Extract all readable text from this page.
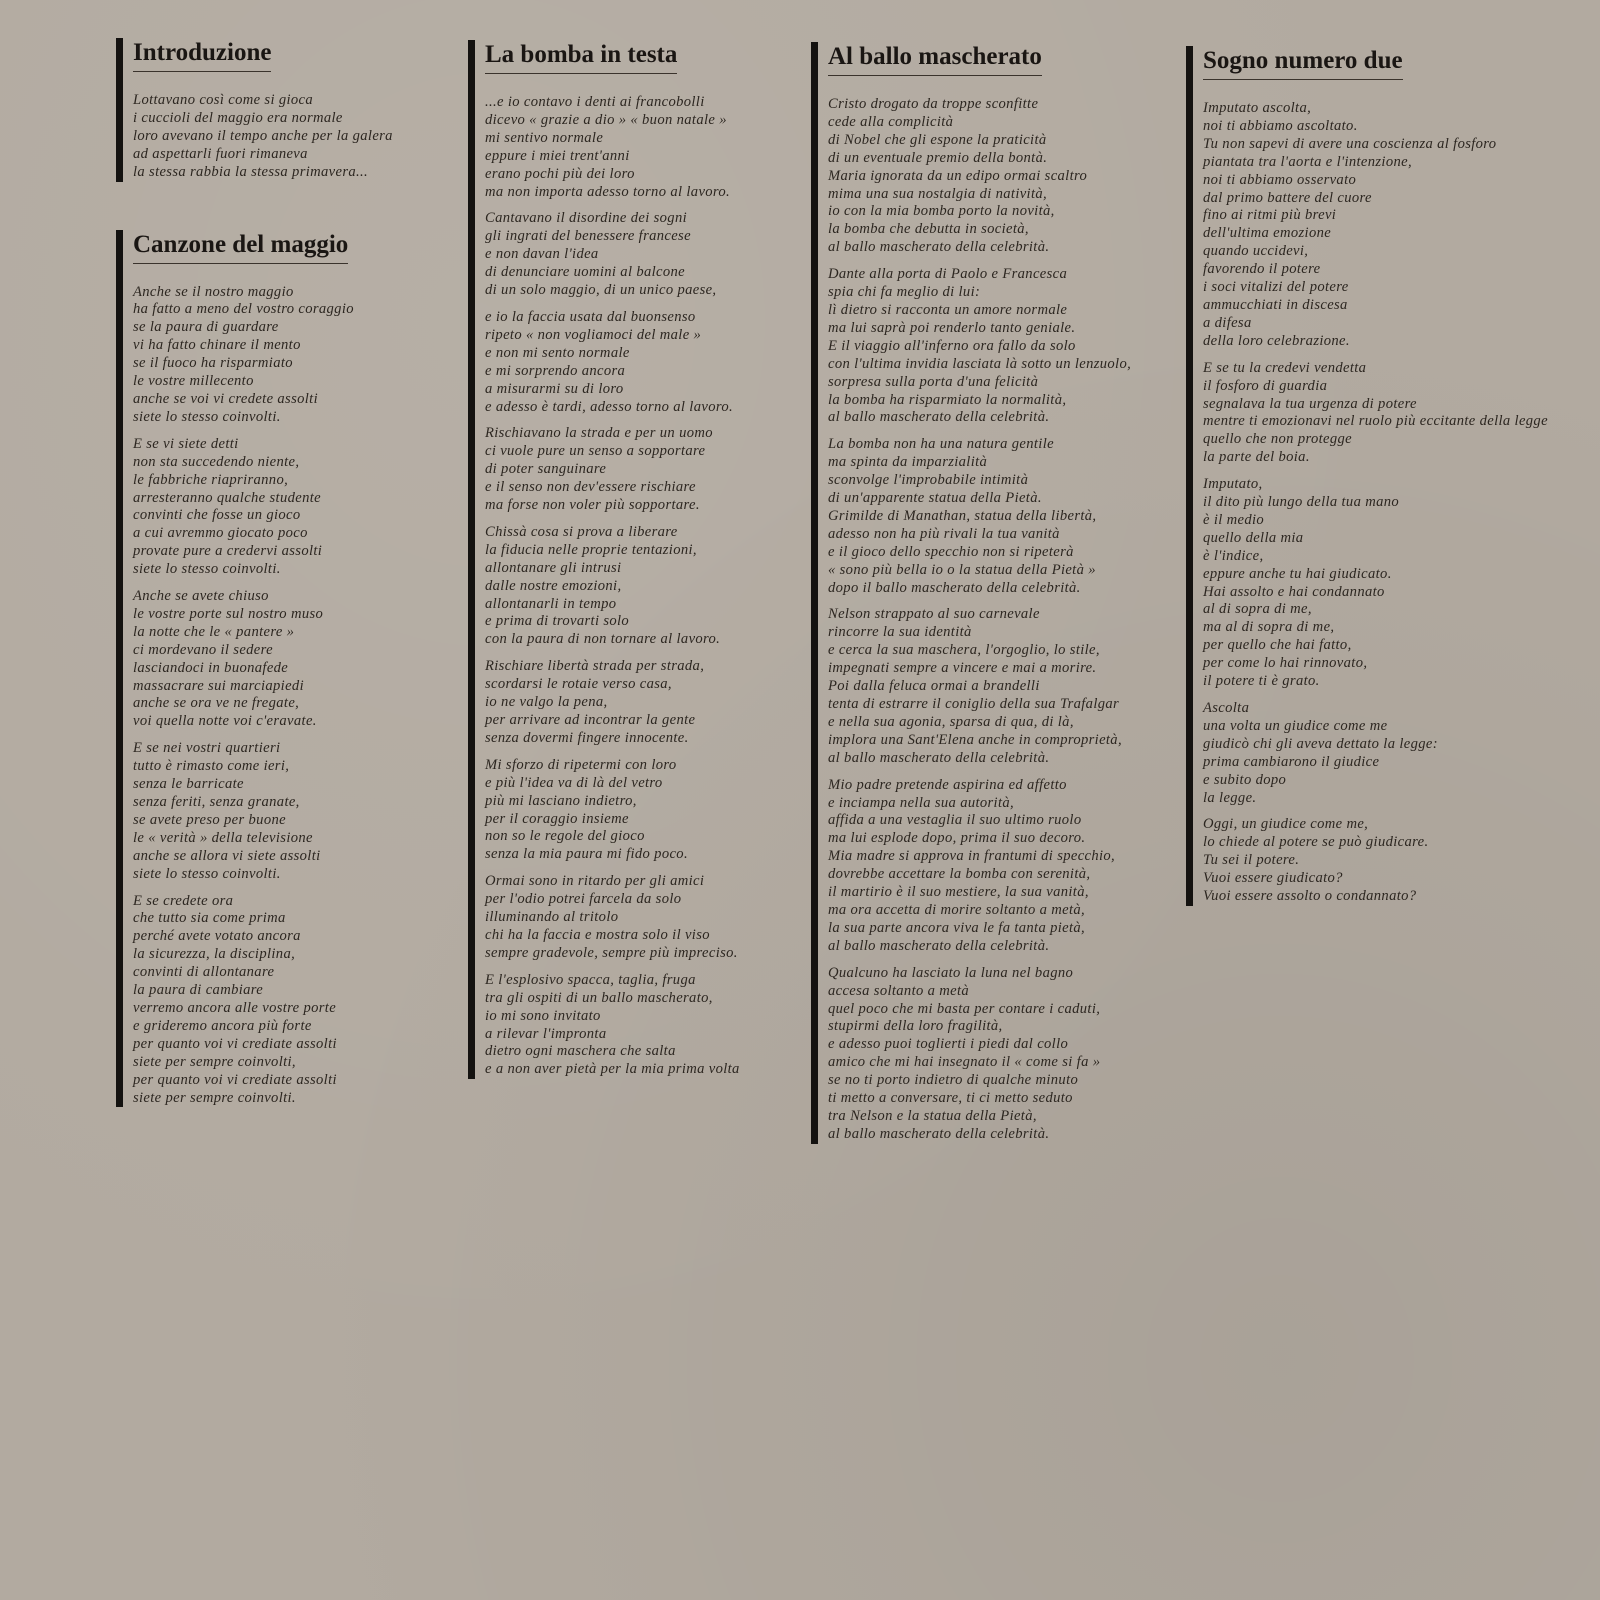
Introduzione
Lottavano così come si gioca
i cuccioli del maggio era normale
loro avevano il tempo anche per la galera
ad aspettarli fuori rimaneva
la stessa rabbia la stessa primavera...
Canzone del maggio
Anche se il nostro maggio
ha fatto a meno del vostro coraggio
se la paura di guardare
vi ha fatto chinare il mento
se il fuoco ha risparmiato
le vostre millecento
anche se voi vi credete assolti
siete lo stesso coinvolti.
E se vi siete detti
non sta succedendo niente,
le fabbriche riapriranno,
arresteranno qualche studente
convinti che fosse un gioco
a cui avremmo giocato poco
provate pure a credervi assolti
siete lo stesso coinvolti.
Anche se avete chiuso
le vostre porte sul nostro muso
la notte che le « pantere »
ci mordevano il sedere
lasciandoci in buonafede
massacrare sui marciapiedi
anche se ora ve ne fregate,
voi quella notte voi c'eravate.
E se nei vostri quartieri
tutto è rimasto come ieri,
senza le barricate
senza feriti, senza granate,
se avete preso per buone
le « verità » della televisione
anche se allora vi siete assolti
siete lo stesso coinvolti.
E se credete ora
che tutto sia come prima
perché avete votato ancora
la sicurezza, la disciplina,
convinti di allontanare
la paura di cambiare
verremo ancora alle vostre porte
e grideremo ancora più forte
per quanto voi vi crediate assolti
siete per sempre coinvolti,
per quanto voi vi crediate assolti
siete per sempre coinvolti.
La bomba in testa
...e io contavo i denti ai francobolli
dicevo « grazie a dio » « buon natale »
mi sentivo normale
eppure i miei trent'anni
erano pochi più dei loro
ma non importa adesso torno al lavoro.
Cantavano il disordine dei sogni
gli ingrati del benessere francese
e non davan l'idea
di denunciare uomini al balcone
di un solo maggio, di un unico paese,
e io la faccia usata dal buonsenso
ripeto « non vogliamoci del male »
e non mi sento normale
e mi sorprendo ancora
a misurarmi su di loro
e adesso è tardi, adesso torno al lavoro.
Rischiavano la strada e per un uomo
ci vuole pure un senso a sopportare
di poter sanguinare
e il senso non dev'essere rischiare
ma forse non voler più sopportare.
Chissà cosa si prova a liberare
la fiducia nelle proprie tentazioni,
allontanare gli intrusi
dalle nostre emozioni,
allontanarli in tempo
e prima di trovarti solo
con la paura di non tornare al lavoro.
Rischiare libertà strada per strada,
scordarsi le rotaie verso casa,
io ne valgo la pena,
per arrivare ad incontrar la gente
senza dovermi fingere innocente.
Mi sforzo di ripetermi con loro
e più l'idea va di là del vetro
più mi lasciano indietro,
per il coraggio insieme
non so le regole del gioco
senza la mia paura mi fido poco.
Ormai sono in ritardo per gli amici
per l'odio potrei farcela da solo
illuminando al tritolo
chi ha la faccia e mostra solo il viso
sempre gradevole, sempre più impreciso.
E l'esplosivo spacca, taglia, fruga
tra gli ospiti di un ballo mascherato,
io mi sono invitato
a rilevar l'impronta
dietro ogni maschera che salta
e a non aver pietà per la mia prima volta
Al ballo mascherato
Cristo drogato da troppe sconfitte
cede alla complicità
di Nobel che gli espone la praticità
di un eventuale premio della bontà.
Maria ignorata da un edipo ormai scaltro
mima una sua nostalgia di natività,
io con la mia bomba porto la novità,
la bomba che debutta in società,
al ballo mascherato della celebrità.
Dante alla porta di Paolo e Francesca
spia chi fa meglio di lui:
lì dietro si racconta un amore normale
ma lui saprà poi renderlo tanto geniale.
E il viaggio all'inferno ora fallo da solo
con l'ultima invidia lasciata là sotto un lenzuolo,
sorpresa sulla porta d'una felicità
la bomba ha risparmiato la normalità,
al ballo mascherato della celebrità.
La bomba non ha una natura gentile
ma spinta da imparzialità
sconvolge l'improbabile intimità
di un'apparente statua della Pietà.
Grimilde di Manathan, statua della libertà,
adesso non ha più rivali la tua vanità
e il gioco dello specchio non si ripeterà
« sono più bella io o la statua della Pietà »
dopo il ballo mascherato della celebrità.
Nelson strappato al suo carnevale
rincorre la sua identità
e cerca la sua maschera, l'orgoglio, lo stile,
impegnati sempre a vincere e mai a morire.
Poi dalla feluca ormai a brandelli
tenta di estrarre il coniglio della sua Trafalgar
e nella sua agonia, sparsa di qua, di là,
implora una Sant'Elena anche in comproprietà,
al ballo mascherato della celebrità.
Mio padre pretende aspirina ed affetto
e inciampa nella sua autorità,
affida a una vestaglia il suo ultimo ruolo
ma lui esplode dopo, prima il suo decoro.
Mia madre si approva in frantumi di specchio,
dovrebbe accettare la bomba con serenità,
il martirio è il suo mestiere, la sua vanità,
ma ora accetta di morire soltanto a metà,
la sua parte ancora viva le fa tanta pietà,
al ballo mascherato della celebrità.
Qualcuno ha lasciato la luna nel bagno
accesa soltanto a metà
quel poco che mi basta per contare i caduti,
stupirmi della loro fragilità,
e adesso puoi toglierti i piedi dal collo
amico che mi hai insegnato il « come si fa »
se no ti porto indietro di qualche minuto
ti metto a conversare, ti ci metto seduto
tra Nelson e la statua della Pietà,
al ballo mascherato della celebrità.
Sogno numero due
Imputato ascolta,
noi ti abbiamo ascoltato.
Tu non sapevi di avere una coscienza al fosforo
piantata tra l'aorta e l'intenzione,
noi ti abbiamo osservato
dal primo battere del cuore
fino ai ritmi più brevi
dell'ultima emozione
quando uccidevi,
favorendo il potere
i soci vitalizi del potere
ammucchiati in discesa
a difesa
della loro celebrazione.
E se tu la credevi vendetta
il fosforo di guardia
segnalava la tua urgenza di potere
mentre ti emozionavi nel ruolo più eccitante della legge
quello che non protegge
la parte del boia.
Imputato,
il dito più lungo della tua mano
è il medio
quello della mia
è l'indice,
eppure anche tu hai giudicato.
Hai assolto e hai condannato
al di sopra di me,
ma al di sopra di me,
per quello che hai fatto,
per come lo hai rinnovato,
il potere ti è grato.
Ascolta
una volta un giudice come me
giudicò chi gli aveva dettato la legge:
prima cambiarono il giudice
e subito dopo
la legge.
Oggi, un giudice come me,
lo chiede al potere se può giudicare.
Tu sei il potere.
Vuoi essere giudicato?
Vuoi essere assolto o condannato?
